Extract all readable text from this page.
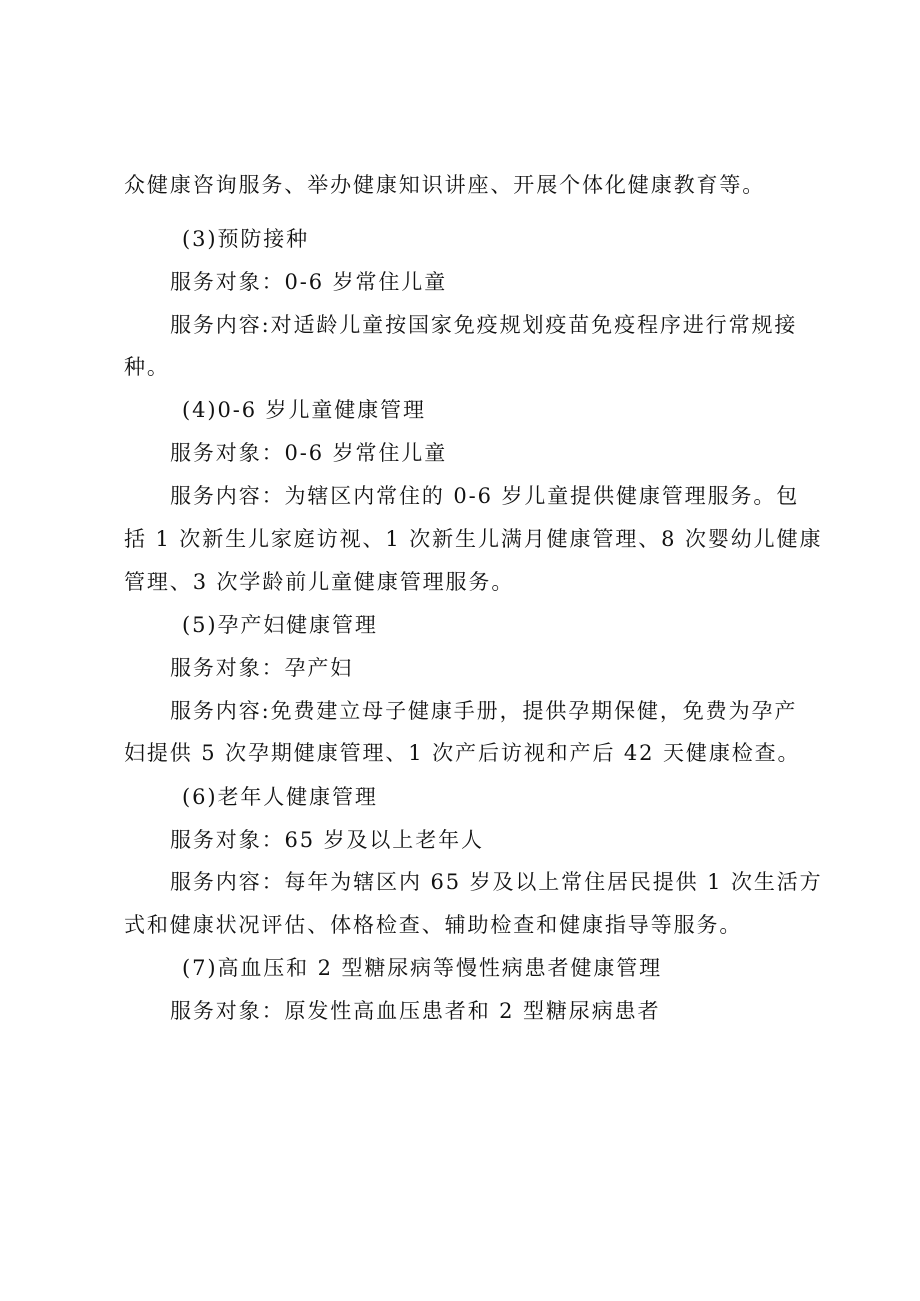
众健康咨询服务、举办健康知识讲座、开展个体化健康教育等。
(3)预防接种
服务对象：0-6 岁常住儿童
服务内容:对适龄儿童按国家免疫规划疫苗免疫程序进行常规接
种。
(4)0-6 岁儿童健康管理
服务对象：0-6 岁常住儿童
服务内容：为辖区内常住的 0-6 岁儿童提供健康管理服务。包
括 1 次新生儿家庭访视、1 次新生儿满月健康管理、8 次婴幼儿健康
管理、3 次学龄前儿童健康管理服务。
(5)孕产妇健康管理
服务对象：孕产妇
服务内容:免费建立母子健康手册，提供孕期保健，免费为孕产
妇提供 5 次孕期健康管理、1 次产后访视和产后 42 天健康检查。
(6)老年人健康管理
服务对象：65 岁及以上老年人
服务内容：每年为辖区内 65 岁及以上常住居民提供 1 次生活方
式和健康状况评估、体格检查、辅助检查和健康指导等服务。
(7)高血压和 2 型糖尿病等慢性病患者健康管理
服务对象：原发性高血压患者和 2 型糖尿病患者
